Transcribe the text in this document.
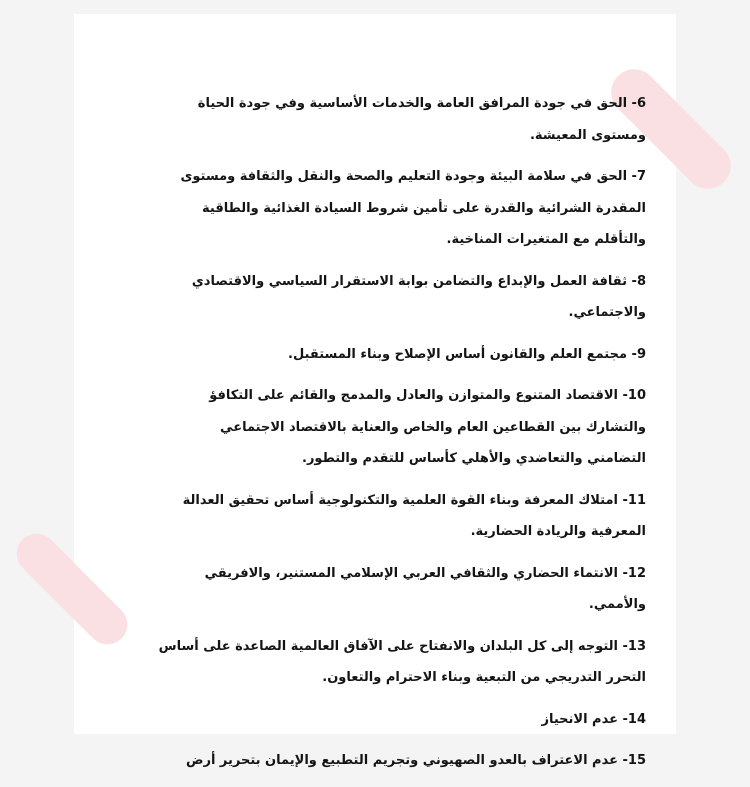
6- الحق في جودة المرافق العامة والخدمات الأساسية وفي جودة الحياة
ومستوى المعيشة.
7- الحق في سلامة البيئة وجودة التعليم والصحة والنقل والثقافة ومستوى
المقدرة الشرائية والقدرة على تأمين شروط السيادة الغذائية والطاقية
والتأقلم مع المتغيرات المناخية.
8- ثقافة العمل والإبداع والتضامن بوابة الاستقرار السياسي والاقتصادي
والاجتماعي.
9- مجتمع العلم والقانون أساس الإصلاح وبناء المستقبل.
10- الاقتصاد المتنوع والمتوازن والعادل والمدمج والقائم على التكافؤ
والتشارك بين القطاعين العام والخاص والعناية بالاقتصاد الاجتماعي
التضامني والتعاضدي والأهلي كأساس للتقدم والتطور.
11- امتلاك المعرفة وبناء القوة العلمية والتكنولوجية أساس تحقيق العدالة
المعرفية والريادة الحضارية.
12- الانتماء الحضاري والثقافي العربي الإسلامي المستنير، والافريقي
والأممي.
13- التوجه إلى كل البلدان والانفتاح على الآفاق العالمية الصاعدة على أساس
التحرر التدريجي من التبعية وبناء الاحترام والتعاون.
14- عدم الانحياز
15- عدم الاعتراف بالعدو الصهيوني وتجريم التطبيع والإيمان بتحرير أرض
